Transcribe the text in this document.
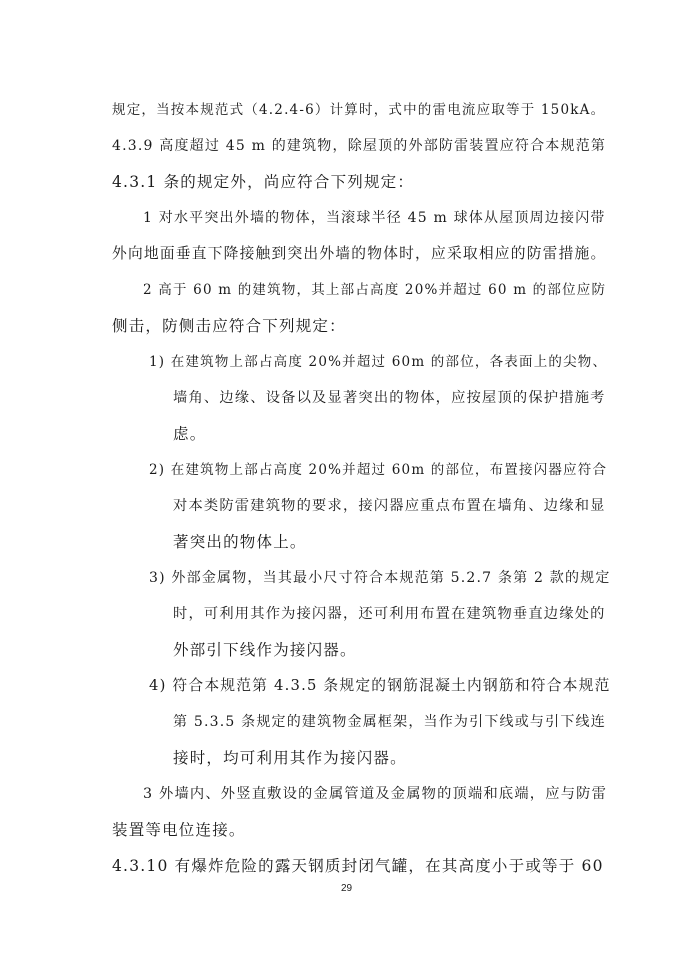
规定，当按本规范式（4.2.4-6）计算时，式中的雷电流应取等于 150kA。
4.3.9 高度超过 45 m 的建筑物，除屋顶的外部防雷装置应符合本规范第
4.3.1 条的规定外，尚应符合下列规定：
1 对水平突出外墙的物体，当滚球半径 45 m 球体从屋顶周边接闪带
外向地面垂直下降接触到突出外墙的物体时，应采取相应的防雷措施。
2 高于 60 m 的建筑物，其上部占高度 20%并超过 60 m 的部位应防
侧击，防侧击应符合下列规定：
1) 在建筑物上部占高度 20%并超过 60m 的部位，各表面上的尖物、
墙角、边缘、设备以及显著突出的物体，应按屋顶的保护措施考
虑。
2) 在建筑物上部占高度 20%并超过 60m 的部位，布置接闪器应符合
对本类防雷建筑物的要求，接闪器应重点布置在墙角、边缘和显
著突出的物体上。
3) 外部金属物，当其最小尺寸符合本规范第 5.2.7 条第 2 款的规定
时，可利用其作为接闪器，还可利用布置在建筑物垂直边缘处的
外部引下线作为接闪器。
4) 符合本规范第 4.3.5 条规定的钢筋混凝土内钢筋和符合本规范
第 5.3.5 条规定的建筑物金属框架，当作为引下线或与引下线连
接时，均可利用其作为接闪器。
3 外墙内、外竖直敷设的金属管道及金属物的顶端和底端，应与防雷
装置等电位连接。
4.3.10 有爆炸危险的露天钢质封闭气罐，在其高度小于或等于 60
29
